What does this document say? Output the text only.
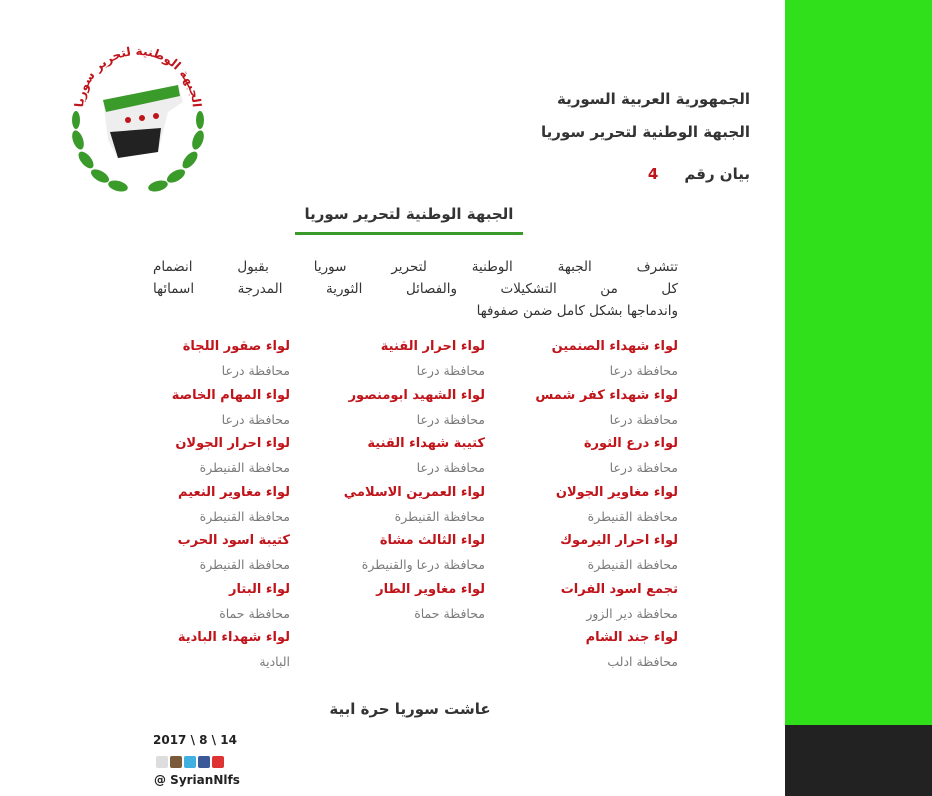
الجبهة الوطنية لتحرير سوريا	الجمهورية العربية السورية
الجبهة الوطنية لتحرير سوريا
بيان رقم4
الجبهة الوطنية لتحرير سوريا
تتشرف الجبهة الوطنية لتحرير سوريا بقبول انضمام
كل من التشكيلات والفصائل الثورية المدرجة اسمائها
واندماجها بشكل كامل ضمن صفوفها
لواء شهداء الصنمين
محافظة درعا
لواء شهداء كفر شمس
محافظة درعا
لواء درع الثورة
محافظة درعا
لواء مغاوير الجولان
محافظة القنيطرة
لواء احرار اليرموك
محافظة القنيطرة
تجمع اسود الفرات
محافظة دير الزور
لواء جند الشام
محافظة ادلب
لواء احرار القنية
محافظة درعا
لواء الشهيد ابومنصور
محافظة درعا
كتيبة شهداء القنية
محافظة درعا
لواء العمرين الاسلامي
محافظة القنيطرة
لواء الثالث مشاة
محافظة درعا والقنيطرة
لواء مغاوير الطار
محافظة حماة
لواء صقور اللجاة
محافظة درعا
لواء المهام الخاصة
محافظة درعا
لواء احرار الجولان
محافظة القنيطرة
لواء مغاوير النعيم
محافظة القنيطرة
كتيبة اسود الحرب
محافظة القنيطرة
لواء البتار
محافظة حماة
لواء شهداء البادية
البادية
عاشت سوريا حرة ابية
2017 \ 8 \ 14
@ SyrianNlfs
